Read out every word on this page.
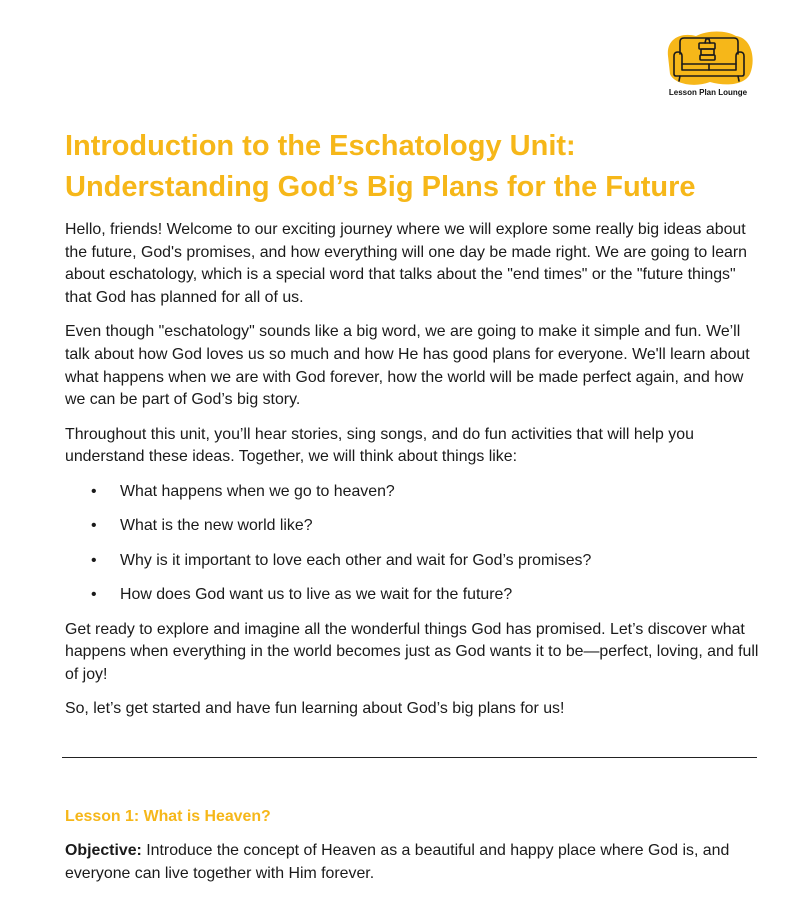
Lesson Plan Lounge
Introduction to the Eschatology Unit:
Understanding God’s Big Plans for the Future

Hello, friends! Welcome to our exciting journey where we will explore some really big ideas about the future, God's promises, and how everything will one day be made right. We are going to learn about eschatology, which is a special word that talks about the "end times" or the "future things" that God has planned for all of us.

Even though "eschatology" sounds like a big word, we are going to make it simple and fun. We’ll talk about how God loves us so much and how He has good plans for everyone. We'll learn about what happens when we are with God forever, how the world will be made perfect again, and how we can be part of God’s big story.

Throughout this unit, you’ll hear stories, sing songs, and do fun activities that will help you understand these ideas. Together, we will think about things like:

• What happens when we go to heaven?
• What is the new world like?
• Why is it important to love each other and wait for God’s promises?
• How does God want us to live as we wait for the future?

Get ready to explore and imagine all the wonderful things God has promised. Let’s discover what happens when everything in the world becomes just as God wants it to be—perfect, loving, and full of joy!

So, let’s get started and have fun learning about God’s big plans for us!

Lesson 1: What is Heaven?

Objective: Introduce the concept of Heaven as a beautiful and happy place where God is, and everyone can live together with Him forever.
